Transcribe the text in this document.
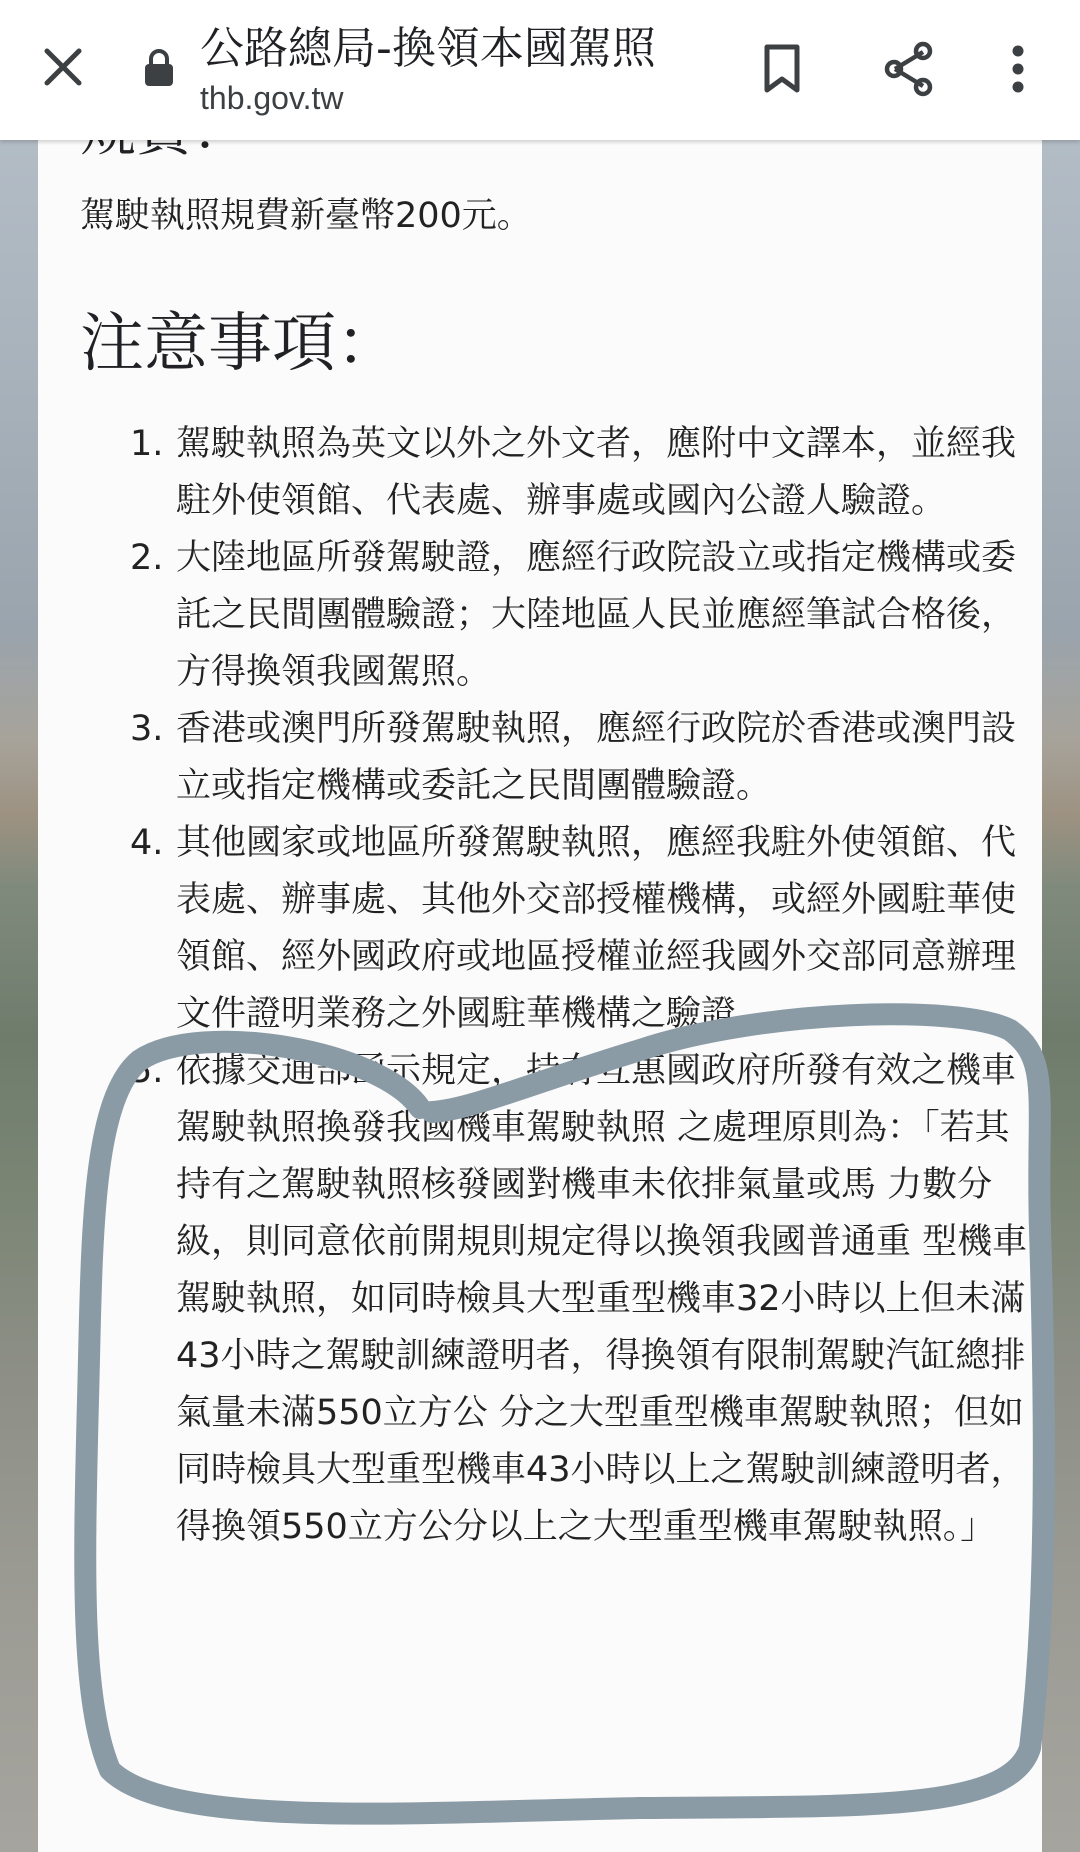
公路總局-換領本國駕照
thb.gov.tw
駕駛執照規費新臺幣200元。
注意事項：
1. 駕駛執照為英文以外之外文者，應附中文譯本，並經我駐外使領館、代表處、辦事處或國內公證人驗證。
2. 大陸地區所發駕駛證，應經行政院設立或指定機構或委託之民間團體驗證；大陸地區人民並應經筆試合格後，方得換領我國駕照。
3. 香港或澳門所發駕駛執照，應經行政院於香港或澳門設立或指定機構或委託之民間團體驗證。
4. 其他國家或地區所發駕駛執照，應經我駐外使領館、代表處、辦事處、其他外交部授權機構，或經外國駐華使領館、經外國政府或地區授權並經我國外交部同意辦理文件證明業務之外國駐華機構之驗證。
5. 依據交通部函示規定，持有互惠國政府所發有效之機車駕駛執照換發我國機車駕駛執照 之處理原則為：「若其持有之駕駛執照核發國對機車未依排氣量或馬 力數分級，則同意依前開規則規定得以換領我國普通重 型機車駕駛執照，如同時檢具大型重型機車32小時以上但未滿43小時之駕駛訓練證明者，得換領有限制駕駛汽缸總排氣量未滿550立方公 分之大型重型機車駕駛執照；但如同時檢具大型重型機車43小時以上之駕駛訓練證明者，得換領550立方公分以上之大型重型機車駕駛執照。」
